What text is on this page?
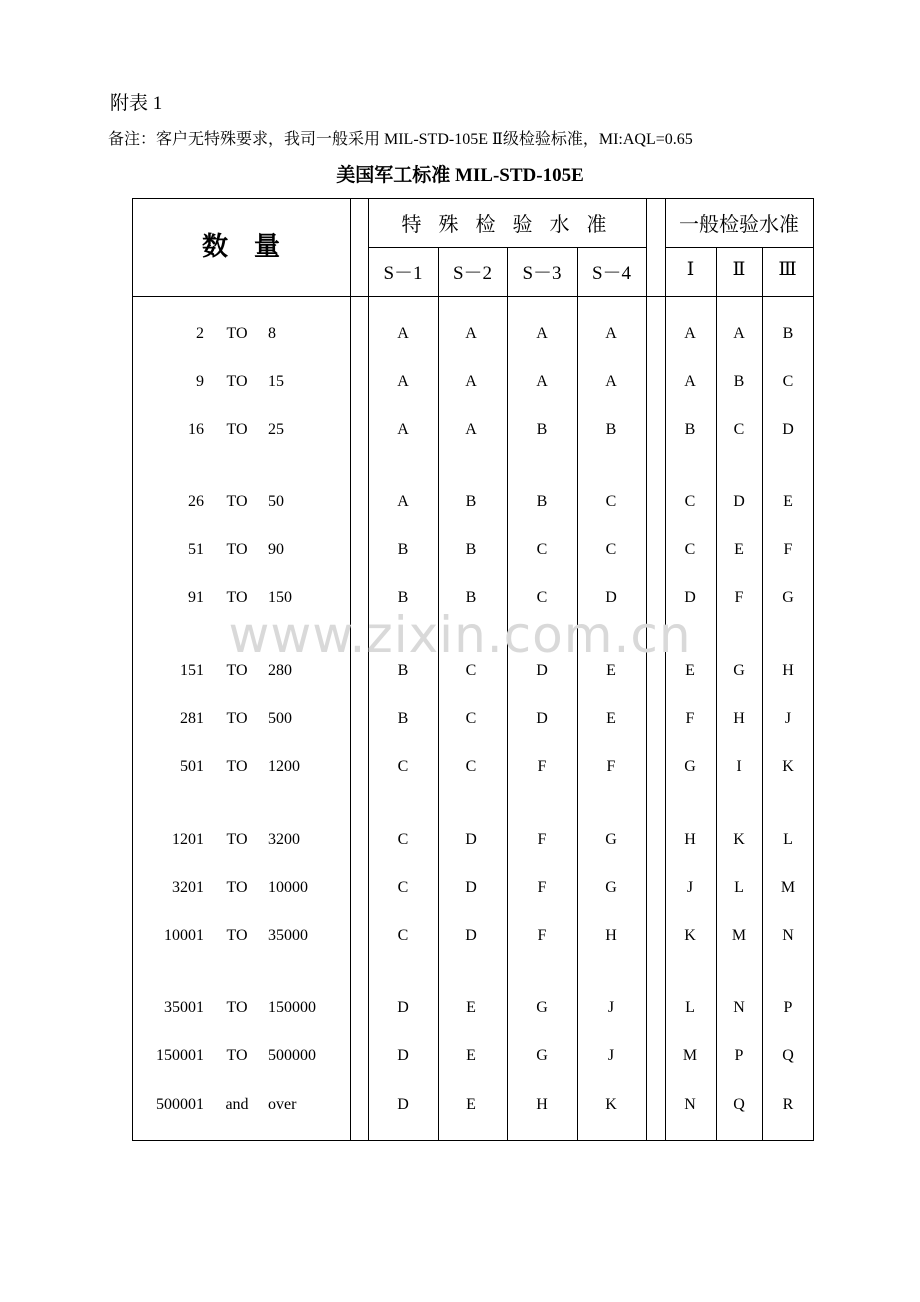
附表 1
备注：客户无特殊要求，我司一般采用 MIL-STD-105E Ⅱ级检验标准，MI:AQL=0.65
美国军工标准 MIL-STD-105E
数    量
特 殊 检 验 水 准	一般检验水准
S－1	S－2	S－3	S－4	Ⅰ	Ⅱ	Ⅲ
2	TO	8	A	A	A	A	A	A	B
9	TO	15	A	A	A	A	A	B	C
16	TO	25	A	A	B	B	B	C	D
26	TO	50	A	B	B	C	C	D	E
51	TO	90	B	B	C	C	C	E	F
91	TO	150	B	B	C	D	D	F	G
151	TO	280	B	C	D	E	E	G	H
281	TO	500	B	C	D	E	F	H	J
501	TO	1200	C	C	F	F	G	I	K
1201	TO	3200	C	D	F	G	H	K	L
3201	TO	10000	C	D	F	G	J	L	M
10001	TO	35000	C	D	F	H	K	M	N
35001	TO	150000	D	E	G	J	L	N	P
150001	TO	500000	D	E	G	J	M	P	Q
500001	and	over	D	E	H	K	N	Q	R
www.zixin.com.cn
